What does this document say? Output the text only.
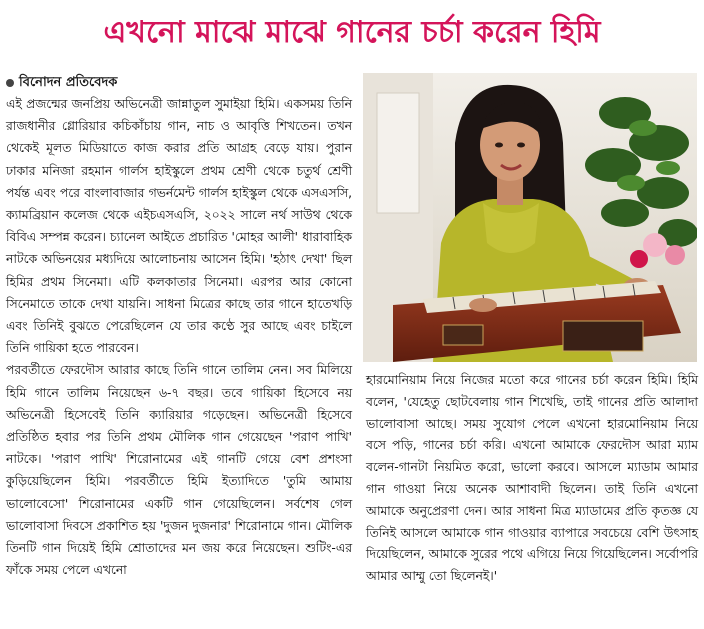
এখনো মাঝে মাঝে গানের চর্চা করেন হিমি
বিনোদন প্রতিবেদক

এই প্রজন্মের জনপ্রিয় অভিনেত্রী জান্নাতুল সুমাইয়া হিমি। একসময় তিনি রাজধানীর গ্লোরিয়ার কচিকাঁচায় গান, নাচ ও আবৃত্তি শিখতেন। তখন থেকেই মূলত মিডিয়াতে কাজ করার প্রতি আগ্রহ বেড়ে যায়। পুরান ঢাকার মনিজা রহমান গার্লস হাইস্কুলে প্রথম শ্রেণী থেকে চতুর্থ শ্রেণী পর্যন্ত এবং পরে বাংলাবাজার গভর্নমেন্ট গার্লস হাইস্কুল থেকে এসএসসি, ক্যামব্রিয়ান কলেজ থেকে এইচএসএসি, ২০২২ সালে নর্থ সাউথ থেকে বিবিএ সম্পন্ন করেন। চ্যানেল আইতে প্রচারিত 'মোহর আলী' ধারাবাহিক নাটকে অভিনয়ের মধ্যদিয়ে আলোচনায় আসেন হিমি। 'হঠাৎ দেখা' ছিল হিমির প্রথম সিনেমা। এটি কলকাতার সিনেমা। এরপর আর কোনো সিনেমাতে তাকে দেখা যায়নি। সাধনা মিত্রের কাছে তার গানে হাতেখড়ি এবং তিনিই বুঝতে পেরেছিলেন যে তার কণ্ঠে সুর আছে এবং চাইলে তিনি গায়িকা হতে পারবেন।

পরবর্তীতে ফেরদৌস আরার কাছে তিনি গানে তালিম নেন। সব মিলিয়ে হিমি গানে তালিম নিয়েছেন ৬-৭ বছর। তবে গায়িকা হিসেবে নয় অভিনেত্রী হিসেবেই তিনি ক্যারিয়ার গড়েছেন। অভিনেত্রী হিসেবে প্রতিষ্ঠিত হবার পর তিনি প্রথম মৌলিক গান গেয়েছেন 'পরাণ পাখি' নাটকে। 'পরাণ পাখি' শিরোনামের এই গানটি গেয়ে বেশ প্রশংসা কুড়িয়েছিলেন হিমি। পরবর্তীতে হিমি ইত্যাদিতে 'তুমি আমায় ভালোবেসো' শিরোনামের একটি গান গেয়েছিলেন। সর্বশেষ গেল ভালোবাসা দিবসে প্রকাশিত হয় 'দুজন দুজনার' শিরোনামে গান। মৌলিক তিনটি গান দিয়েই হিমি শ্রোতাদের মন জয় করে নিয়েছেন। শুটিং-এর ফাঁকে সময় পেলে এখনো

হারমোনিয়াম নিয়ে নিজের মতো করে গানের চর্চা করেন হিমি। হিমি বলেন, 'যেহেতু ছোটবেলায় গান শিখেছি, তাই গানের প্রতি আলাদা ভালোবাসা আছে। সময় সুযোগ পেলে এখনো হারমোনিয়াম নিয়ে বসে পড়ি, গানের চর্চা করি। এখনো আমাকে ফেরদৌস আরা ম্যাম বলেন-গানটা নিয়মিত করো, ভালো করবে। আসলে ম্যাডাম আমার গান গাওয়া নিয়ে অনেক আশাবাদী ছিলেন। তাই তিনি এখনো আমাকে অনুপ্রেরণা দেন। আর সাধনা মিত্র ম্যাডামের প্রতি কৃতজ্ঞ যে তিনিই আসলে আমাকে গান গাওয়ার ব্যাপারে সবচেয়ে বেশি উৎসাহ দিয়েছিলেন, আমাকে সুরের পথে এগিয়ে নিয়ে গিয়েছিলেন। সর্বোপরি আমার আম্মু তো ছিলেনই।'
